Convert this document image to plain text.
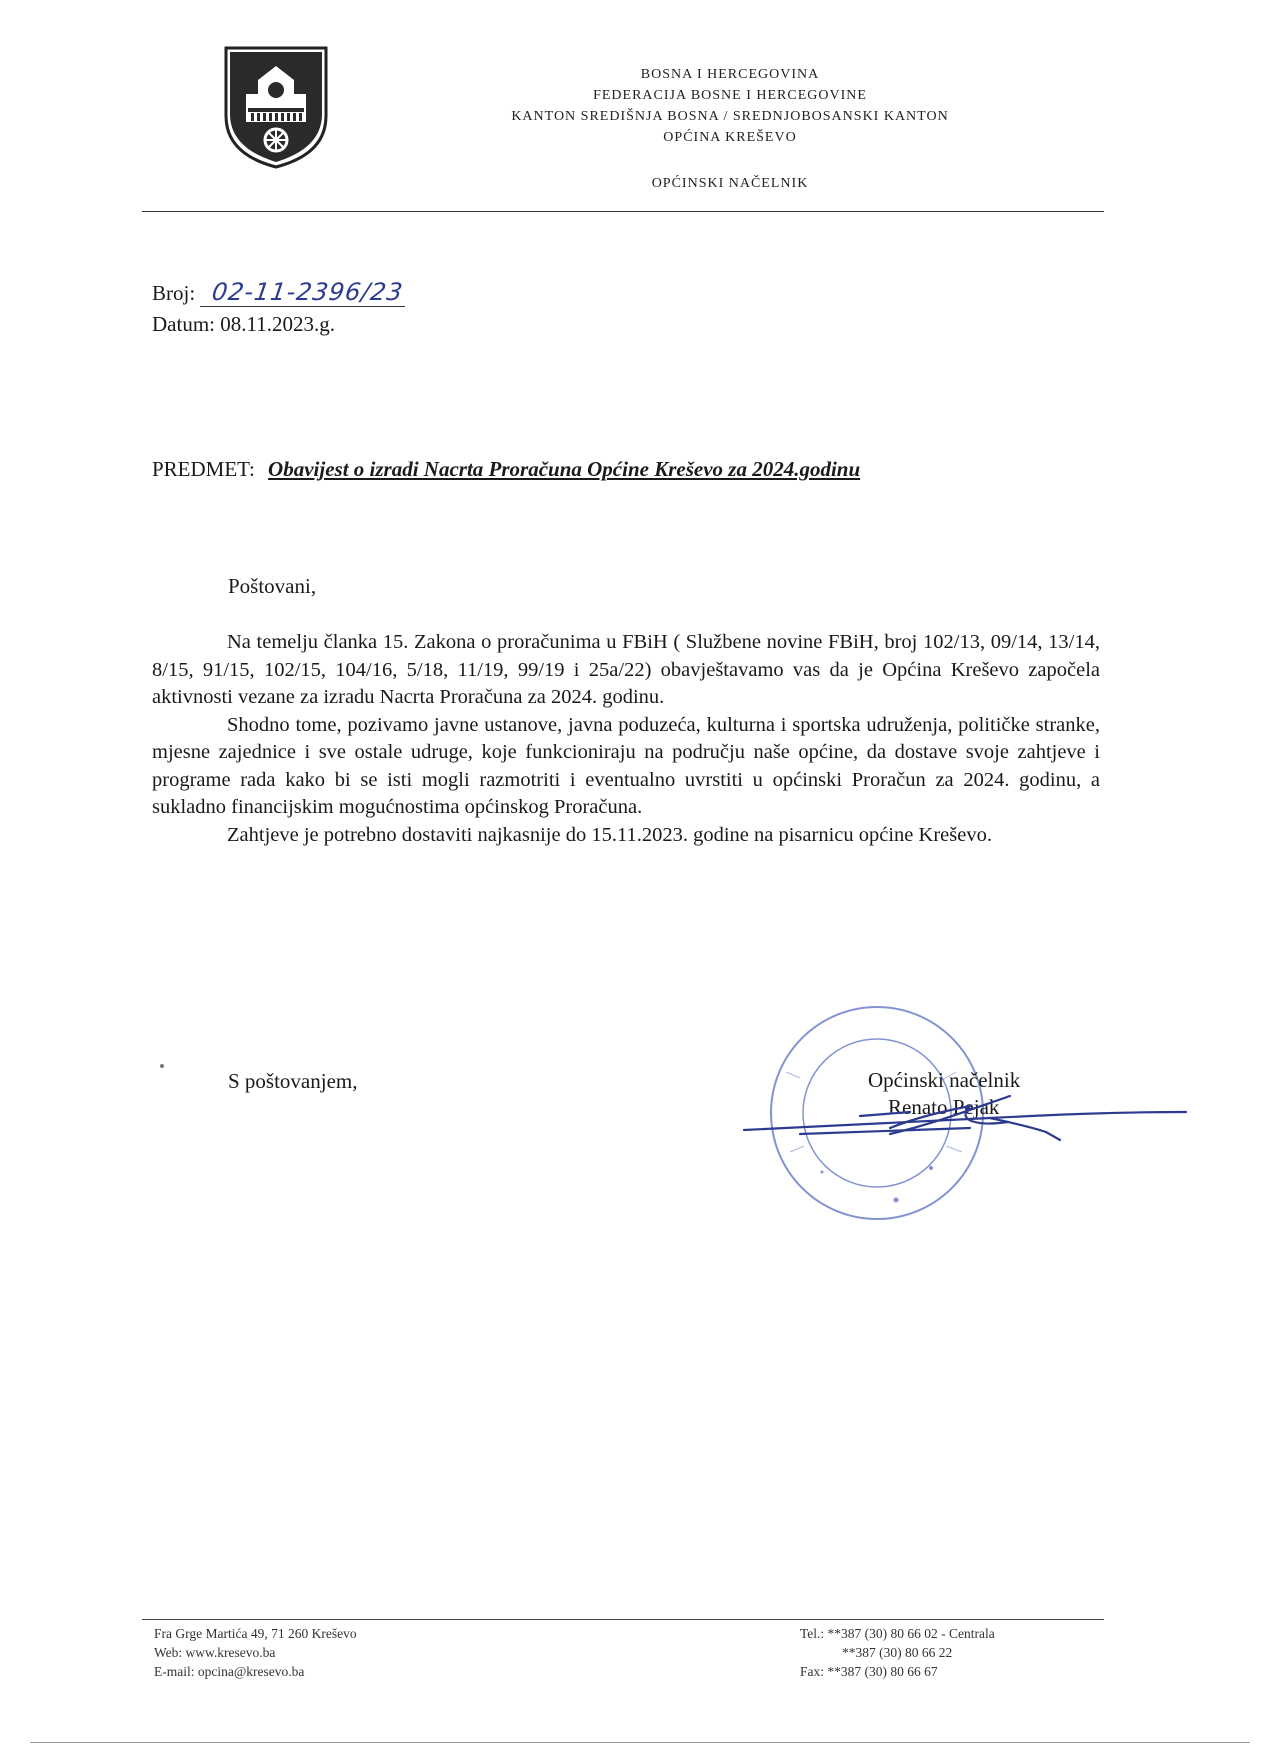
BOSNA I HERCEGOVINA
FEDERACIJA BOSNE I HERCEGOVINE
KANTON SREDIŠNJA BOSNA / SREDNJOBOSANSKI KANTON
OPĆINA KREŠEVO
OPĆINSKI NAČELNIK
Broj: 02-11-2396/23
Datum: 08.11.2023.g.
PREDMET: Obavijest o izradi Nacrta Proračuna Općine Kreševo za 2024.godinu
Poštovani,

Na temelju članka 15. Zakona o proračunima u FBiH ( Službene novine FBiH, broj 102/13, 09/14, 13/14, 8/15, 91/15, 102/15, 104/16, 5/18, 11/19, 99/19 i 25a/22) obavještavamo vas da je Općina Kreševo započela aktivnosti vezane za izradu Nacrta Proračuna za 2024. godinu.

Shodno tome, pozivamo javne ustanove, javna poduzeća, kulturna i sportska udruženja, političke stranke, mjesne zajednice i sve ostale udruge, koje funkcioniraju na području naše općine, da dostave svoje zahtjeve i programe rada kako bi se isti mogli razmotriti i eventualno uvrstiti u općinski Proračun za 2024. godinu, a sukladno financijskim mogućnostima općinskog Proračuna.

Zahtjeve je potrebno dostaviti najkasnije do 15.11.2023. godine na pisarnicu općine Kreševo.

S poštovanjem,	Općinski načelnik
Renato Pejak
Fra Grge Martića 49, 71 260 Kreševo
Web: www.kresevo.ba
E-mail: opcina@kresevo.ba
Tel.: **387 (30) 80 66 02 - Centrala
**387 (30) 80 66 22
Fax: **387 (30) 80 66 67
